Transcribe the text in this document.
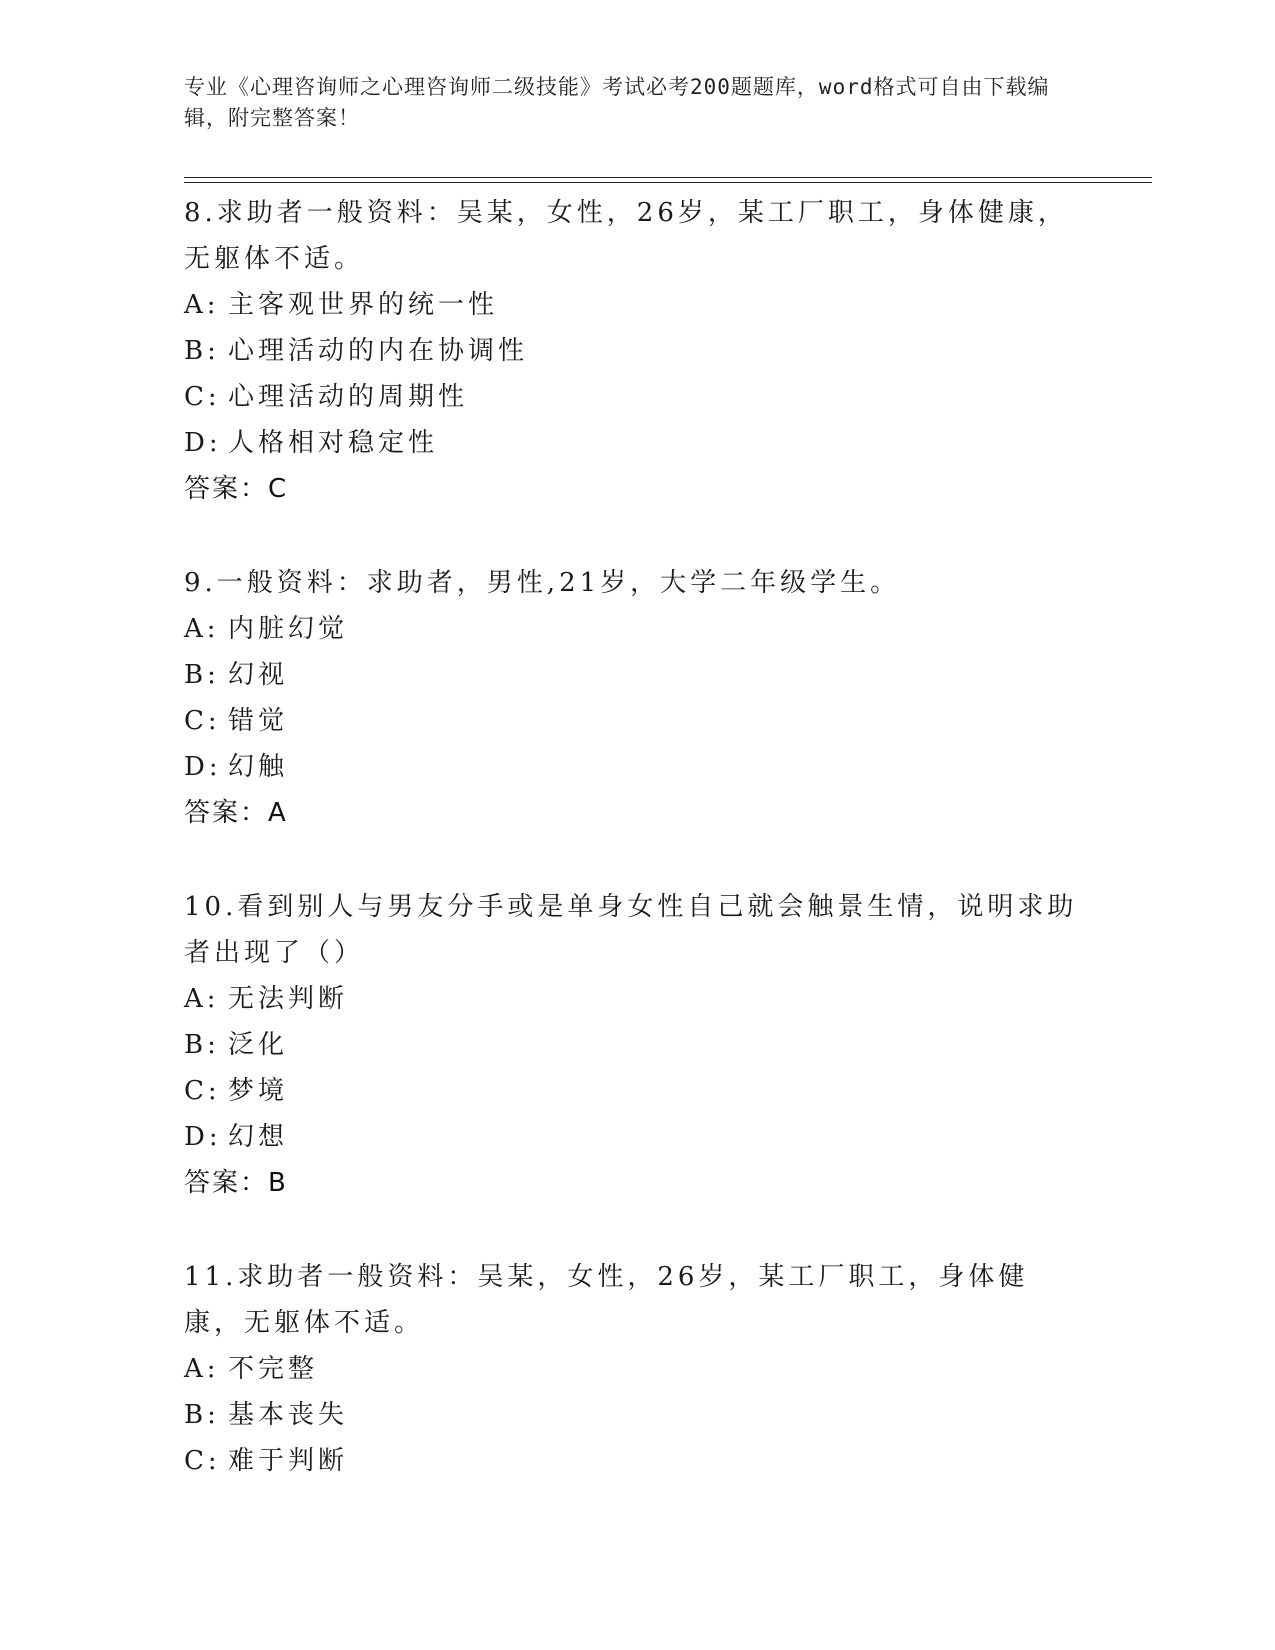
专业《心理咨询师之心理咨询师二级技能》考试必考200题题库，word格式可自由下载编辑，附完整答案！
8.求助者一般资料：吴某，女性，26岁，某工厂职工，身体健康，无躯体不适。
A: 主客观世界的统一性
B: 心理活动的内在协调性
C: 心理活动的周期性
D: 人格相对稳定性
答案：C
9.一般资料：求助者，男性,21岁，大学二年级学生。
A: 内脏幻觉
B: 幻视
C: 错觉
D: 幻触
答案：A
10.看到别人与男友分手或是单身女性自己就会触景生情，说明求助者出现了（）
A: 无法判断
B: 泛化
C: 梦境
D: 幻想
答案：B
11.求助者一般资料：吴某，女性，26岁，某工厂职工，身体健康，无躯体不适。
A: 不完整
B: 基本丧失
C: 难于判断
